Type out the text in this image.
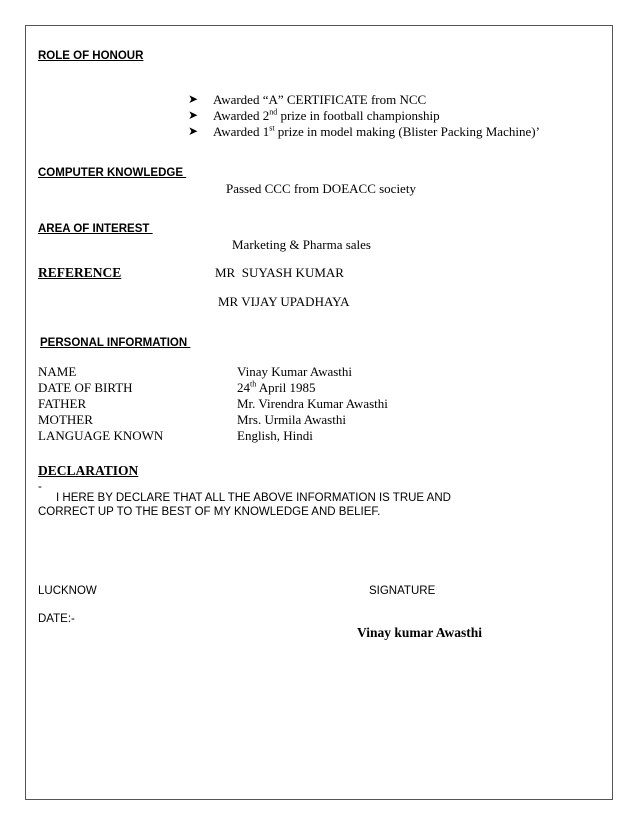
ROLE OF HONOUR
➤ Awarded “A” CERTIFICATE from NCC
➤ Awarded 2nd prize in football championship
➤ Awarded 1st prize in model making (Blister Packing Machine)’
COMPUTER KNOWLEDGE
Passed CCC from DOEACC society
AREA OF INTEREST
Marketing & Pharma sales
REFERENCE	MR  SUYASH KUMAR
MR VIJAY UPADHAYA
PERSONAL INFORMATION
NAME	Vinay Kumar Awasthi
DATE OF BIRTH	24th April 1985
FATHER	Mr. Virendra Kumar Awasthi
MOTHER	Mrs. Urmila Awasthi
LANGUAGE KNOWN	English, Hindi
DECLARATION
-
I HERE BY DECLARE THAT ALL THE ABOVE INFORMATION IS TRUE AND
CORRECT UP TO THE BEST OF MY KNOWLEDGE AND BELIEF.
LUCKNOW	SIGNATURE
DATE:-
Vinay kumar Awasthi
